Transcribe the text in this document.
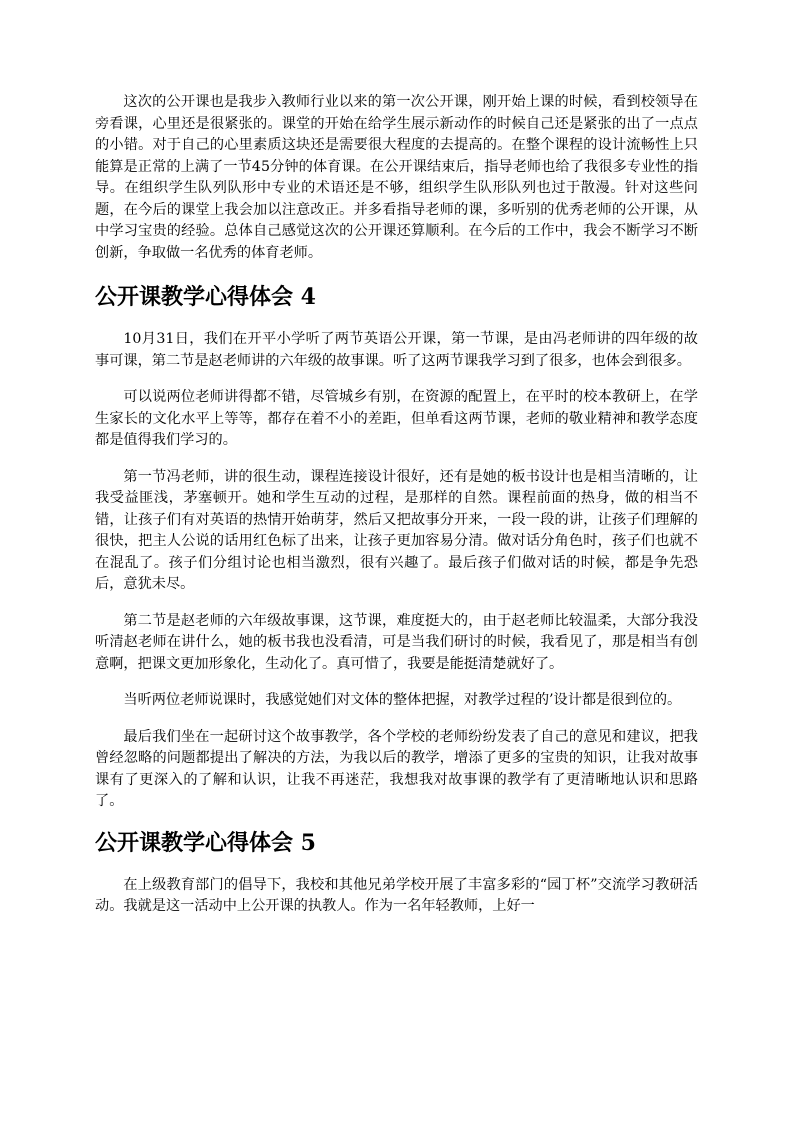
这次的公开课也是我步入教师行业以来的第一次公开课，刚开始上课的时候，看到校领导在旁看课，心里还是很紧张的。课堂的开始在给学生展示新动作的时候自己还是紧张的出了一点点的小错。对于自己的心里素质这块还是需要很大程度的去提高的。在整个课程的设计流畅性上只能算是正常的上满了一节45分钟的体育课。在公开课结束后，指导老师也给了我很多专业性的指导。在组织学生队列队形中专业的术语还是不够，组织学生队形队列也过于散漫。针对这些问题，在今后的课堂上我会加以注意改正。并多看指导老师的课，多听别的优秀老师的公开课，从中学习宝贵的经验。总体自己感觉这次的公开课还算顺利。在今后的工作中，我会不断学习不断创新，争取做一名优秀的体育老师。

公开课教学心得体会 4

10月31日，我们在开平小学听了两节英语公开课，第一节课，是由冯老师讲的四年级的故事可课，第二节是赵老师讲的六年级的故事课。听了这两节课我学习到了很多，也体会到很多。

可以说两位老师讲得都不错，尽管城乡有别，在资源的配置上，在平时的校本教研上，在学生家长的文化水平上等等，都存在着不小的差距，但单看这两节课，老师的敬业精神和教学态度都是值得我们学习的。

第一节冯老师，讲的很生动，课程连接设计很好，还有是她的板书设计也是相当清晰的，让我受益匪浅，茅塞顿开。她和学生互动的过程，是那样的自然。课程前面的热身，做的相当不错，让孩子们有对英语的热情开始萌芽，然后又把故事分开来，一段一段的讲，让孩子们理解的很快，把主人公说的话用红色标了出来，让孩子更加容易分清。做对话分角色时，孩子们也就不在混乱了。孩子们分组讨论也相当激烈，很有兴趣了。最后孩子们做对话的时候，都是争先恐后，意犹未尽。

第二节是赵老师的六年级故事课，这节课，难度挺大的，由于赵老师比较温柔，大部分我没听清赵老师在讲什么，她的板书我也没看清，可是当我们研讨的时候，我看见了，那是相当有创意啊，把课文更加形象化，生动化了。真可惜了，我要是能挺清楚就好了。

当听两位老师说课时，我感觉她们对文体的整体把握，对教学过程的’设计都是很到位的。

最后我们坐在一起研讨这个故事教学，各个学校的老师纷纷发表了自己的意见和建议，把我曾经忽略的问题都提出了解决的方法，为我以后的教学，增添了更多的宝贵的知识，让我对故事课有了更深入的了解和认识，让我不再迷茫，我想我对故事课的教学有了更清晰地认识和思路了。

公开课教学心得体会 5

在上级教育部门的倡导下，我校和其他兄弟学校开展了丰富多彩的“园丁杯”交流学习教研活动。我就是这一活动中上公开课的执教人。作为一名年轻教师，上好一
